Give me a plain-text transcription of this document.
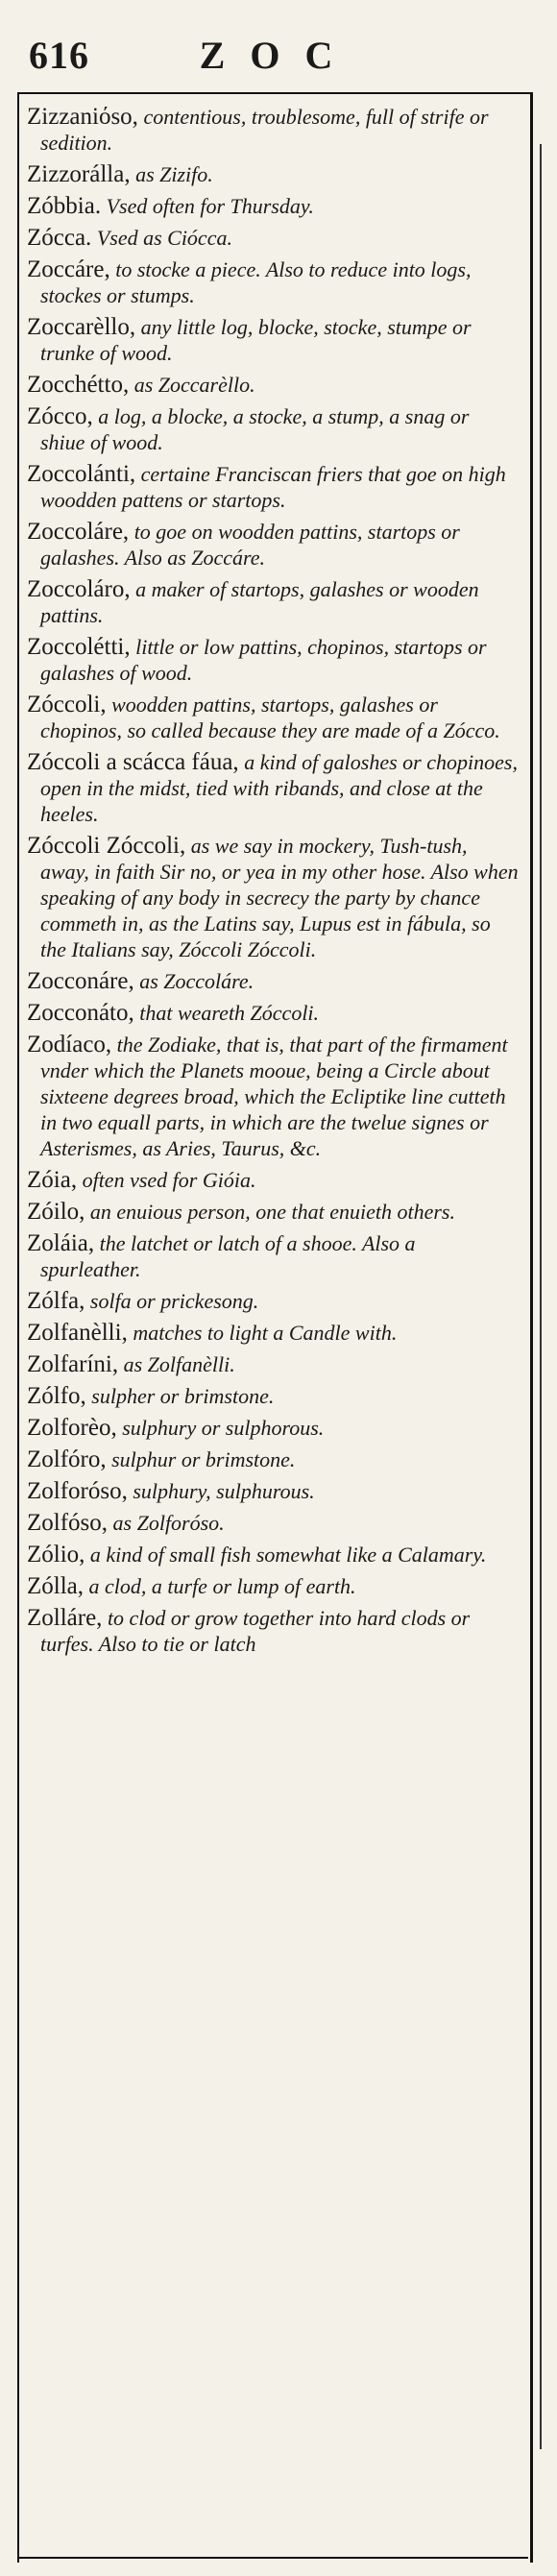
616	ZOC
Zizzaniόso, contentious, troublesome, full of strife or sedition.
Zizzorálla, as Zizifo.
Zóbbia. Vsed often for Thursday.
Zócca. Vsed as Ciócca.
Zoccáre, to stocke a piece. Also to reduce into logs, stockes or stumps.
Zoccarèllo, any little log, blocke, stocke, stumpe or trunke of wood.
Zocchétto, as Zoccarèllo.
Zócco, a log, a blocke, a stocke, a stump, a snag or shiue of wood.
Zoccolánti, certaine Franciscan friers that goe on high woodden pattens or startops.
Zoccoláre, to goe on woodden pattins, startops or galashes. Also as Zoccáre.
Zoccoláro, a maker of startops, galashes or wooden pattins.
Zoccolétti, little or low pattins, chopinos, startops or galashes of wood.
Zóccoli, woodden pattins, startops, galashes or chopinos, so called because they are made of a Zócco.
Zóccoli a scácca fáua, a kind of galoshes or chopinoes, open in the midst, tied with ribands, and close at the heeles.
Zóccoli Zóccoli, as we say in mockery, Tush-tush, away, in faith Sir no, or yea in my other hose. Also when speaking of any body in secrecy the party by chance commeth in, as the Latins say, Lupus est in fábula, so the Italians say, Zóccoli Zóccoli.
Zocconáre, as Zoccoláre.
Zocconáto, that weareth Zóccoli.
Zodíaco, the Zodiake, that is, that part of the firmament vnder which the Planets mooue, being a Circle about sixteene degrees broad, which the Ecliptike line cutteth in two equall parts, in which are the twelue signes or Asterismes, as Aries, Taurus, &c.
Zóia, often vsed for Gióia.
Zóilo, an enuious person, one that enuieth others.
Zoláia, the latchet or latch of a shooe. Also a spurleather.
Zólfa, solfa or prickesong.
Zolfanèlli, matches to light a Candle with.
Zolfaríni, as Zolfanèlli.
Zólfo, sulpher or brimstone.
Zolforèo, sulphury or sulphorous.
Zolfóro, sulphur or brimstone.
Zolforóso, sulphury, sulphurous.
Zolfóso, as Zolforóso.
Zólio, a kind of small fish somewhat like a Calamary.
Zólla, a clod, a turfe or lump of earth.
Zolláre, to clod or grow together into hard clods or turfes. Also to tie or latch
